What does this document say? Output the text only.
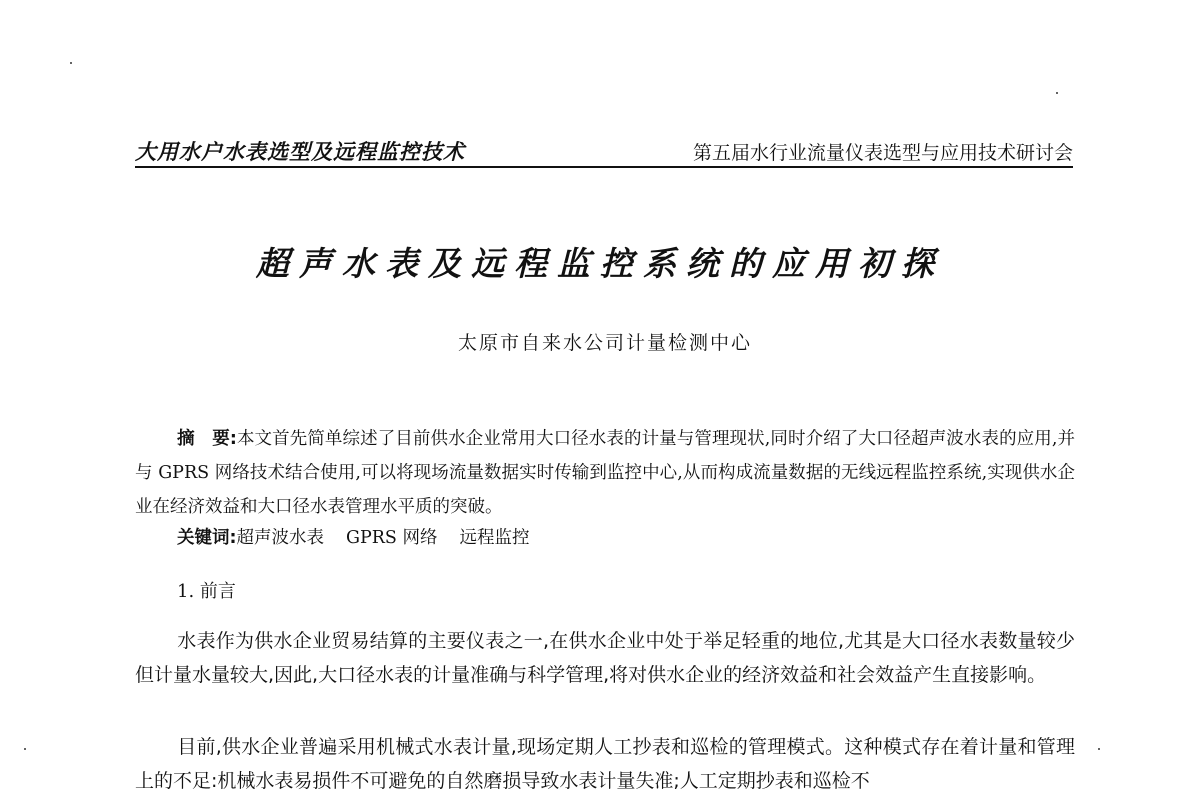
大用水户水表选型及远程监控技术	第五届水行业流量仪表选型与应用技术研讨会
超声水表及远程监控系统的应用初探
太原市自来水公司计量检测中心
摘　要:本文首先简单综述了目前供水企业常用大口径水表的计量与管理现状,同时介绍了大口径超声波水表的应用,并与 GPRS 网络技术结合使用,可以将现场流量数据实时传输到监控中心,从而构成流量数据的无线远程监控系统,实现供水企业在经济效益和大口径水表管理水平质的突破。
关键词:超声波水表 GPRS 网络 远程监控
1. 前言
水表作为供水企业贸易结算的主要仪表之一,在供水企业中处于举足轻重的地位,尤其是大口径水表数量较少但计量水量较大,因此,大口径水表的计量准确与科学管理,将对供水企业的经济效益和社会效益产生直接影响。
目前,供水企业普遍采用机械式水表计量,现场定期人工抄表和巡检的管理模式。这种模式存在着计量和管理上的不足:机械水表易损件不可避免的自然磨损导致水表计量失准;人工定期抄表和巡检不
